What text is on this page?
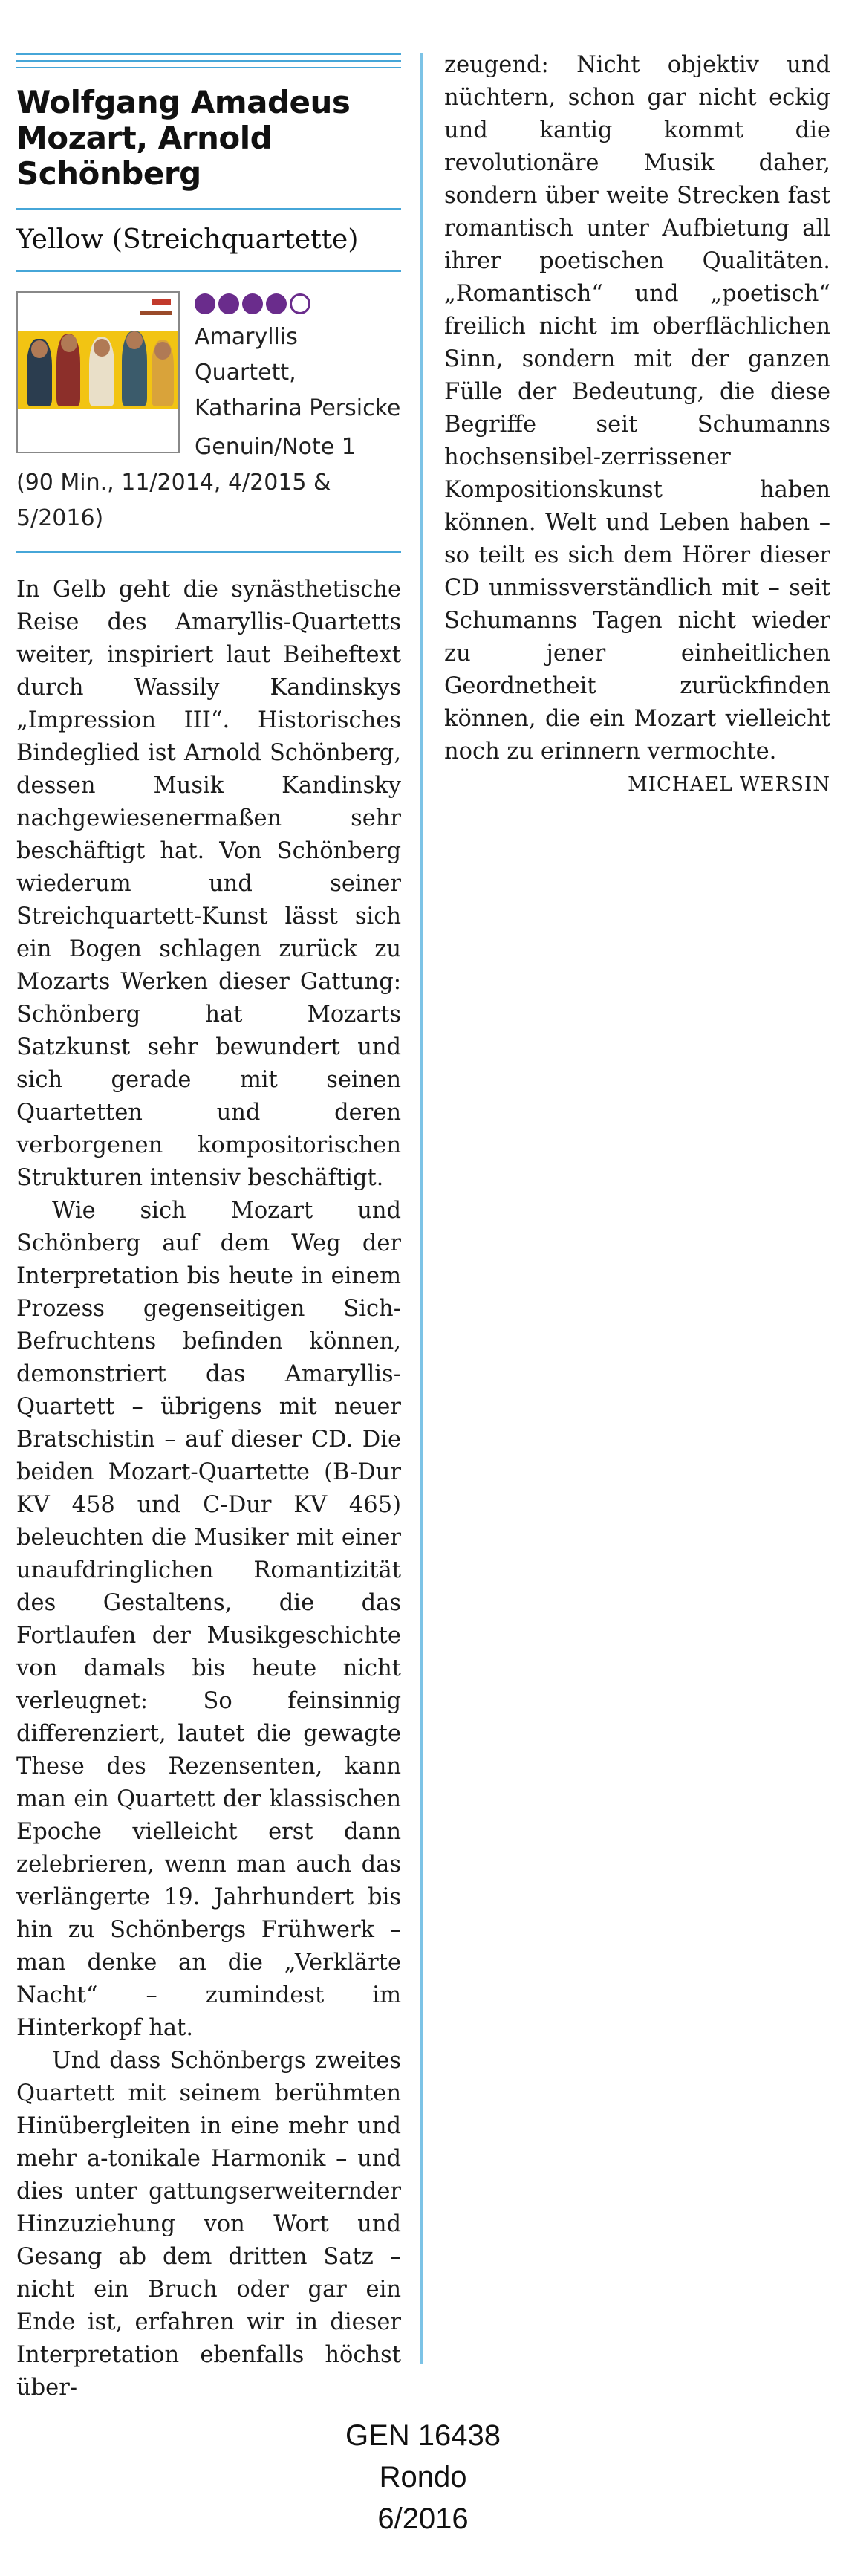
Wolfgang Amadeus Mozart, Arnold Schönberg
Yellow (Streichquartette)
Amaryllis Quartett, Katharina Persicke
Genuin/Note 1
(90 Min., 11/2014, 4/2015 & 5/2016)

In Gelb geht die synästhetische Reise des Amaryllis-Quartetts weiter, inspiriert laut Beiheftext durch Wassily Kandinskys „Impression III“. Historisches Bindeglied ist Arnold Schönberg, dessen Musik Kandinsky nachgewiesenermaßen sehr beschäftigt hat. Von Schönberg wiederum und seiner Streichquartett-Kunst lässt sich ein Bogen schlagen zurück zu Mozarts Werken dieser Gattung: Schönberg hat Mozarts Satzkunst sehr bewundert und sich gerade mit seinen Quartetten und deren verborgenen kompositorischen Strukturen intensiv beschäftigt.

Wie sich Mozart und Schönberg auf dem Weg der Interpretation bis heute in einem Prozess gegenseitigen Sich-Befruchtens befinden können, demonstriert das Amaryllis-Quartett – übrigens mit neuer Bratschistin – auf dieser CD. Die beiden Mozart-Quartette (B-Dur KV 458 und C-Dur KV 465) beleuchten die Musiker mit einer unaufdringlichen Romantizität des Gestaltens, die das Fortlaufen der Musikgeschichte von damals bis heute nicht verleugnet: So feinsinnig differenziert, lautet die gewagte These des Rezensenten, kann man ein Quartett der klassischen Epoche vielleicht erst dann zelebrieren, wenn man auch das verlängerte 19. Jahrhundert bis hin zu Schönbergs Frühwerk – man denke an die „Verklärte Nacht“ – zumindest im Hinterkopf hat.

Und dass Schönbergs zweites Quartett mit seinem berühmten Hinübergleiten in eine mehr und mehr a-tonikale Harmonik – und dies unter gattungserweiternder Hinzuziehung von Wort und Gesang ab dem dritten Satz – nicht ein Bruch oder gar ein Ende ist, erfahren wir in dieser Interpretation ebenfalls höchst über-

zeugend: Nicht objektiv und nüchtern, schon gar nicht eckig und kantig kommt die revolutionäre Musik daher, sondern über weite Strecken fast romantisch unter Aufbietung all ihrer poetischen Qualitäten. „Romantisch“ und „poetisch“ freilich nicht im oberflächlichen Sinn, sondern mit der ganzen Fülle der Bedeutung, die diese Begriffe seit Schumanns hochsensibel-zerrissener Kompositionskunst haben können. Welt und Leben haben – so teilt es sich dem Hörer dieser CD unmissverständlich mit – seit Schumanns Tagen nicht wieder zu jener einheitlichen Geordnetheit zurückfinden können, die ein Mozart vielleicht noch zu erinnern vermochte.
MICHAEL WERSIN

GEN 16438
Rondo
6/2016
